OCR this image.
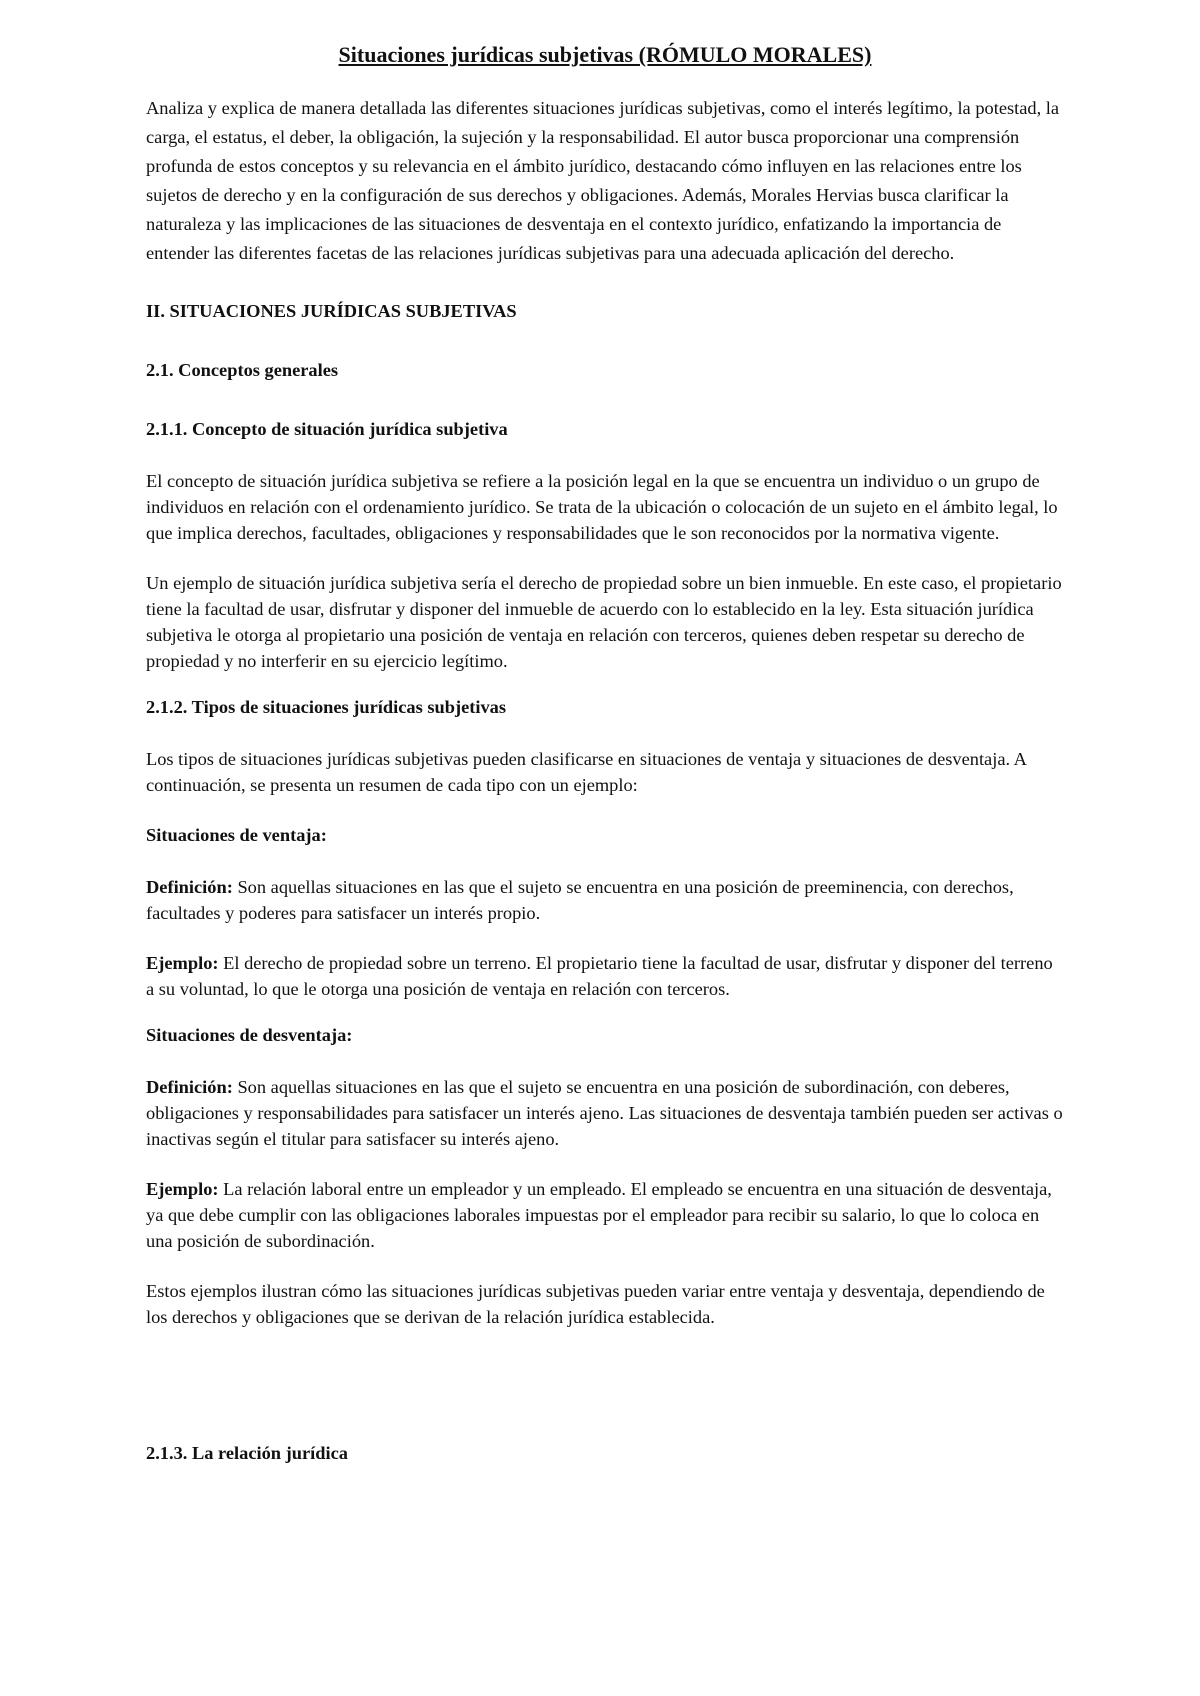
Situaciones jurídicas subjetivas (RÓMULO MORALES)

Analiza y explica de manera detallada las diferentes situaciones jurídicas subjetivas, como el interés legítimo, la potestad, la carga, el estatus, el deber, la obligación, la sujeción y la responsabilidad. El autor busca proporcionar una comprensión profunda de estos conceptos y su relevancia en el ámbito jurídico, destacando cómo influyen en las relaciones entre los sujetos de derecho y en la configuración de sus derechos y obligaciones. Además, Morales Hervias busca clarificar la naturaleza y las implicaciones de las situaciones de desventaja en el contexto jurídico, enfatizando la importancia de entender las diferentes facetas de las relaciones jurídicas subjetivas para una adecuada aplicación del derecho.

II. SITUACIONES JURÍDICAS SUBJETIVAS

2.1. Conceptos generales

2.1.1. Concepto de situación jurídica subjetiva

El concepto de situación jurídica subjetiva se refiere a la posición legal en la que se encuentra un individuo o un grupo de individuos en relación con el ordenamiento jurídico. Se trata de la ubicación o colocación de un sujeto en el ámbito legal, lo que implica derechos, facultades, obligaciones y responsabilidades que le son reconocidos por la normativa vigente.

Un ejemplo de situación jurídica subjetiva sería el derecho de propiedad sobre un bien inmueble. En este caso, el propietario tiene la facultad de usar, disfrutar y disponer del inmueble de acuerdo con lo establecido en la ley. Esta situación jurídica subjetiva le otorga al propietario una posición de ventaja en relación con terceros, quienes deben respetar su derecho de propiedad y no interferir en su ejercicio legítimo.

2.1.2. Tipos de situaciones jurídicas subjetivas

Los tipos de situaciones jurídicas subjetivas pueden clasificarse en situaciones de ventaja y situaciones de desventaja. A continuación, se presenta un resumen de cada tipo con un ejemplo:

Situaciones de ventaja:

Definición: Son aquellas situaciones en las que el sujeto se encuentra en una posición de preeminencia, con derechos, facultades y poderes para satisfacer un interés propio.

Ejemplo: El derecho de propiedad sobre un terreno. El propietario tiene la facultad de usar, disfrutar y disponer del terreno a su voluntad, lo que le otorga una posición de ventaja en relación con terceros.

Situaciones de desventaja:

Definición: Son aquellas situaciones en las que el sujeto se encuentra en una posición de subordinación, con deberes, obligaciones y responsabilidades para satisfacer un interés ajeno. Las situaciones de desventaja también pueden ser activas o inactivas según el titular para satisfacer su interés ajeno.

Ejemplo: La relación laboral entre un empleador y un empleado. El empleado se encuentra en una situación de desventaja, ya que debe cumplir con las obligaciones laborales impuestas por el empleador para recibir su salario, lo que lo coloca en una posición de subordinación.

Estos ejemplos ilustran cómo las situaciones jurídicas subjetivas pueden variar entre ventaja y desventaja, dependiendo de los derechos y obligaciones que se derivan de la relación jurídica establecida.

2.1.3. La relación jurídica
